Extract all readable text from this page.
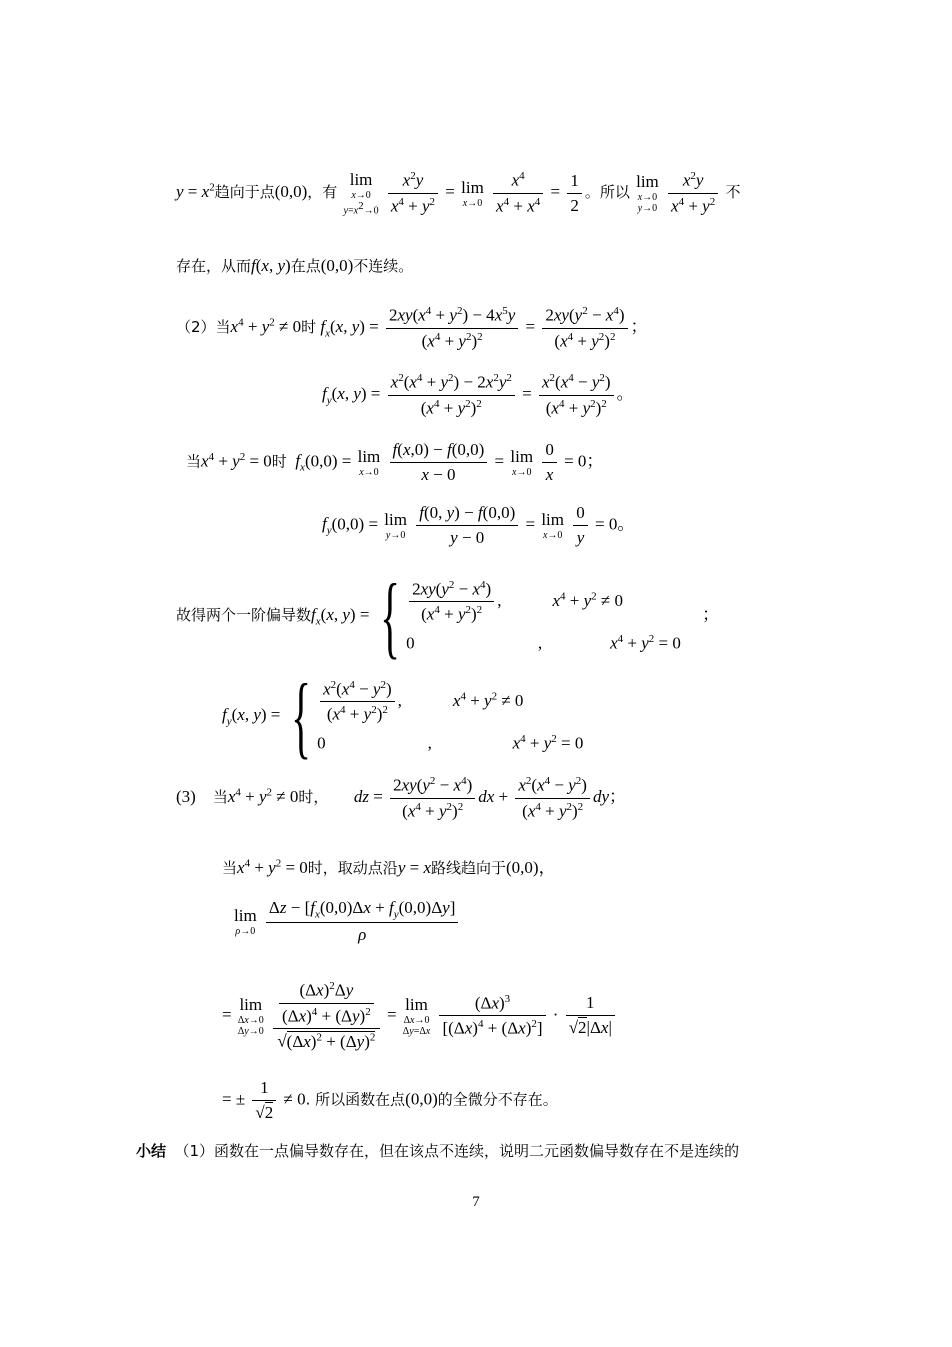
$y = x^2$趋向于点(0,0)，有
lim
x→0
$y=x^2\to 0$
$\frac{x^2y}{x^4 + y^2} = \lim$
x→0
$\frac{x^4}{x^4 + x^4} = \frac{1}{2}$ 。所以
lim
x→0
y→0
$\frac{x^2y}{x^4 + y^2}$ 不
存在，从而f(x, y)在点(0,0)不连续。
（2）当$x^4 + y^2 \ne 0$时 $f_x(x$, $y) = \frac{2xy(x^4 + y^2) - 4x^5y}{(x^4 + y^2)^2} = \frac{2xy(y^2 - x^4)}{(x^4 + y^2)^2}$ ；
$f_y(x$, $y) = \frac{x^2(x^4 + y^2) - 2x^2y^2}{(x^4 + y^2)^2} = \frac{x^2(x^4 - y^2)}{(x^4 + y^2)^2}$ 。
当$x^4 + y^2 = 0$时 $f_x(0,0) = \lim$
x→0
$\frac{f(x,0) - f(0,0)}{x - 0} = \lim$
x→0
$\frac{0}{x} = 0$；
$f_y(0,0) = \lim$
y→0
$\frac{f(0, y) - f(0,0)}{y - 0} = \lim$
x→0
$\frac{0}{y} = 0$。
故得两个一阶偏导数$f_x(x$, y) = { $\frac{2xy(y^2 - x^4)}{(x^4 + y^2)^2}$ ,            $x^4 + y^2 \ne 0$
0                             ,                $x^4 + y^2 = 0$
；
$f_y(x$, y) = { $\frac{x^2(x^4 - y^2)}{(x^4 + y^2)^2}$ ,            $x^4 + y^2 \ne 0$
0                        ,                   $x^4 + y^2 = 0$
(3) 当$x^4 + y^2 \ne 0$时， dz = $\frac{2xy(y^2 - x^4)}{(x^4 + y^2)^2}$ dx + $\frac{x^2(x^4 - y^2)}{(x^4 + y^2)^2}$ dy；
当$x^4 + y^2 = 0$时，取动点沿y = x路线趋向于(0,0)，
lim
ρ→0
$\frac{\Delta z - [f_x(0,0)\Delta x + f_y(0,0)\Delta y]}{\rho}$
=
lim
Δx→0
Δy→0
$\frac{\frac{(\Delta x)^2\Delta y}{(\Delta x)^4 + (\Delta y)^2}}{√(\Delta x)^2 + (\Delta y)^2}$ =
lim
Δx→0
Δy=Δx
$\frac{(\Delta x)^3}{[(\Delta x)^4 + (\Delta x)^2]} \cdot \frac{1}{√2|\Delta x|}$
= ± $\frac{1}{√2} \ne 0$. 所以函数在点(0,0)的全微分不存在。
小结 （1）函数在一点偏导数存在，但在该点不连续，说明二元函数偏导数存在不是连续的
7
